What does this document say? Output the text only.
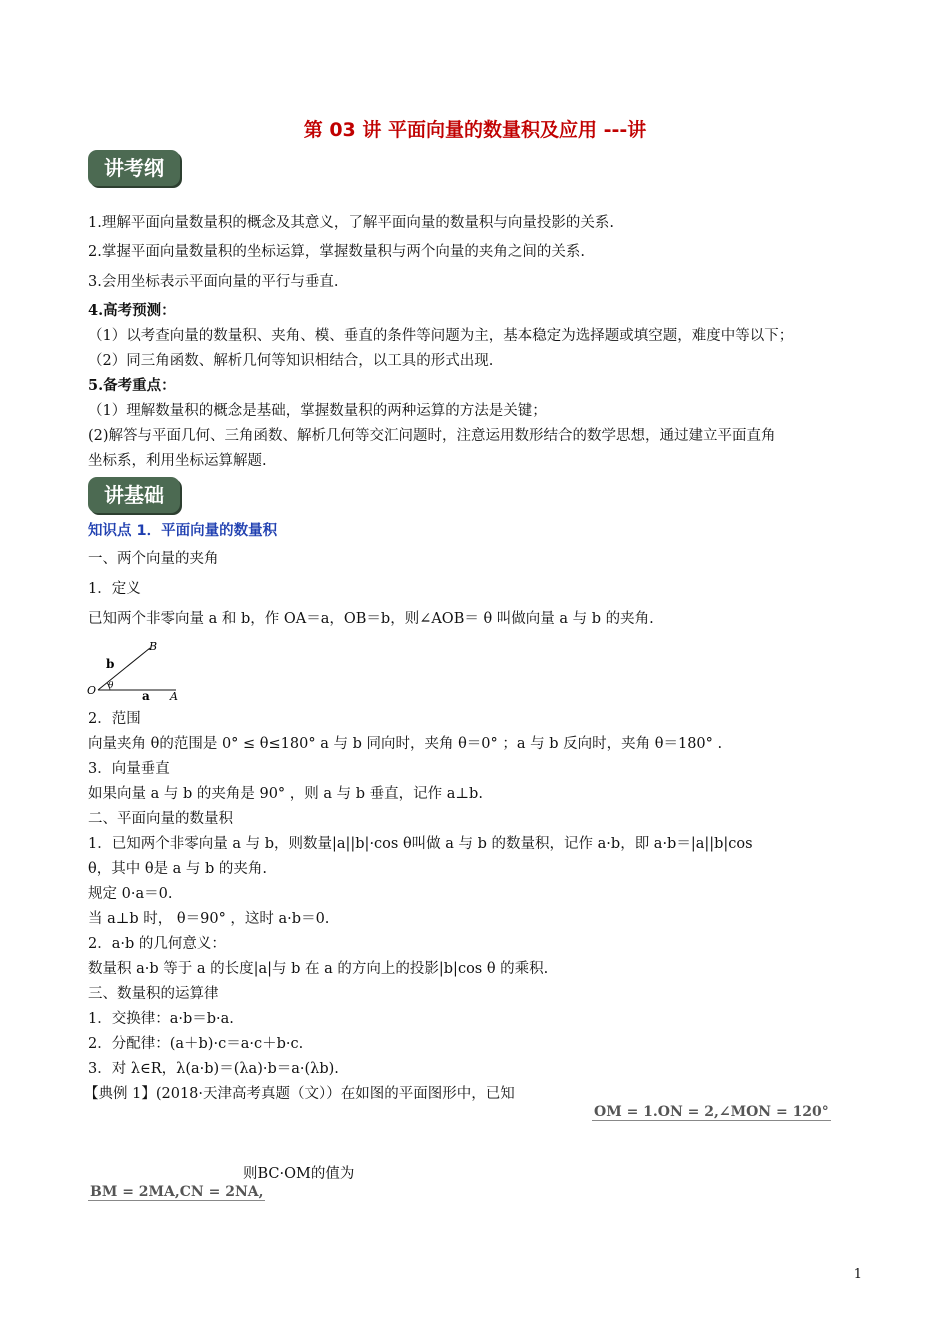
第 03 讲 平面向量的数量积及应用 ---讲
讲考纲
1.理解平面向量数量积的概念及其意义，了解平面向量的数量积与向量投影的关系.
2.掌握平面向量数量积的坐标运算，掌握数量积与两个向量的夹角之间的关系.
3.会用坐标表示平面向量的平行与垂直.
4.高考预测：
（1）以考查向量的数量积、夹角、模、垂直的条件等问题为主，基本稳定为选择题或填空题，难度中等以下；
（2）同三角函数、解析几何等知识相结合，以工具的形式出现.
5.备考重点：
（1）理解数量积的概念是基础，掌握数量积的两种运算的方法是关键；
(2)解答与平面几何、三角函数、解析几何等交汇问题时，注意运用数形结合的数学思想，通过建立平面直角
坐标系，利用坐标运算解题.
讲基础
知识点 1．平面向量的数量积
一、两个向量的夹角
1．定义
已知两个非零向量 a 和 b，作 OA＝a，OB＝b，则∠AOB＝ θ 叫做向量 a 与 b 的夹角.
B
b
O θ
a A
2．范围
向量夹角 θ的范围是 0° ≤ θ≤180° a 与 b 同向时，夹角 θ＝0° ；a 与 b 反向时，夹角 θ＝180° .
3．向量垂直
如果向量 a 与 b 的夹角是 90° ，则 a 与 b 垂直，记作 a⊥b.
二、平面向量的数量积
1．已知两个非零向量 a 与 b，则数量|a||b|·cos θ叫做 a 与 b 的数量积，记作 a·b，即 a·b＝|a||b|cos
θ，其中 θ是 a 与 b 的夹角.
规定 0·a＝0.
当 a⊥b 时， θ＝90° ，这时 a·b＝0.
2．a·b 的几何意义：
数量积 a·b 等于 a 的长度|a|与 b 在 a 的方向上的投影|b|cos θ 的乘积.
三、数量积的运算律
1．交换律：a·b＝b·a.
2．分配律：(a＋b)·c＝a·c＋b·c.
3．对 λ∈R，λ(a·b)＝(λa)·b＝a·(λb).
【典例 1】(2018·天津高考真题（文））在如图的平面图形中，已知
OM = 1.ON = 2,∠MON = 120°
BM = 2MA,CN = 2NA,
则BC·OM的值为
1
